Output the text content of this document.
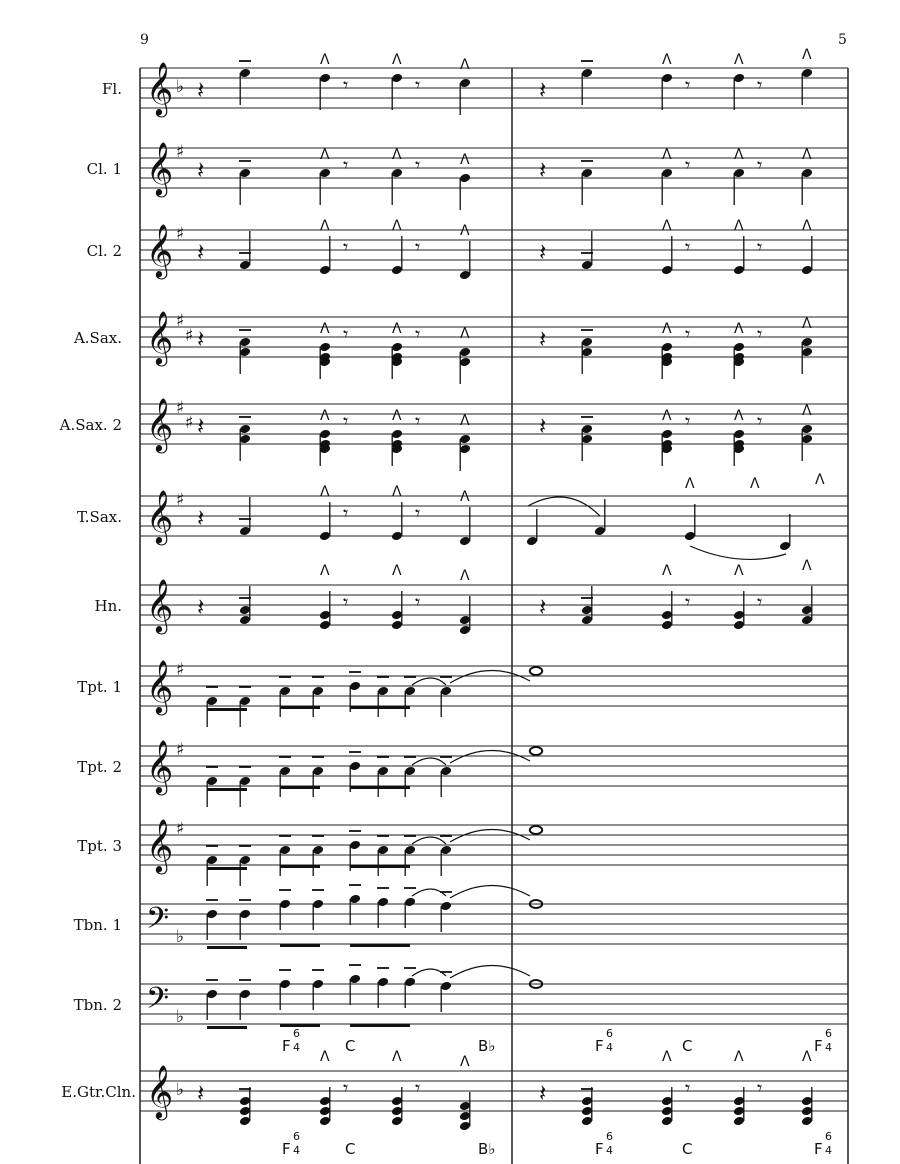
9	5
𝄞 ♭ 𝄽
Λ
𝄾
Λ
𝄾
Λ
𝄽
Λ
𝄾
Λ
𝄾
Λ
𝄞 ♯
𝄽
Λ 𝄾	Λ 𝄾	Λ	𝄽
Λ 𝄾	Λ 𝄾	Λ
𝄞 ♯
𝄽
Λ
𝄾
Λ
𝄾
Λ
𝄽
Λ
𝄾
Λ
𝄾
Λ
𝄞 ♯
♯ 𝄽	Λ 𝄾	Λ 𝄾	Λ	𝄽	Λ 𝄾	Λ 𝄾	Λ
𝄞 ♯
♯ 𝄽	Λ 𝄾	Λ 𝄾	Λ	𝄽	Λ 𝄾	Λ 𝄾	Λ
𝄞 ♯
𝄽
Λ
𝄾
Λ
𝄾
Λ
Λ	Λ	Λ
𝄞 𝄽
Λ
𝄾
Λ
𝄾
Λ
𝄽
Λ
𝄾
Λ
𝄾
Λ
𝄞 ♯
𝄞 ♯
𝄞 ♯
𝄢 ♭
𝄢 ♭
𝄞 ♭ 𝄽
Λ
𝄾
Λ
𝄾
Λ
𝄽
Λ
𝄾
Λ
𝄾
Λ
Fl.
Cl. 1
Cl. 2
A.Sax.
A.Sax. 2
T.Sax.
Hn.
Tpt. 1
Tpt. 2
Tpt. 3
Tbn. 1
Tbn. 2
E.Gtr.Cln.
F
6
4	C	B♭	F
6
4	C	F
6
4
F
6
4	C	B♭	F
6
4	C	F
6
4
